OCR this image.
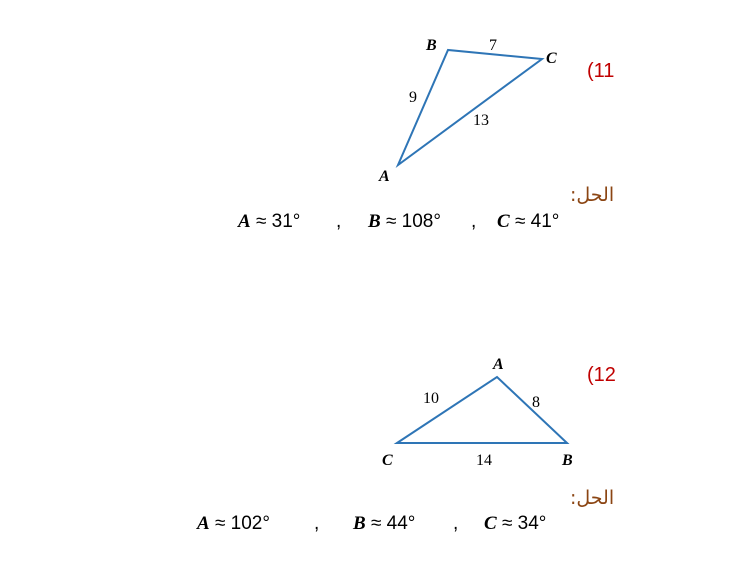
B
C
A
7
9
13
A
C	B
10	8
14
(11
الحل:
A ≈ 31° , B ≈ 108° , C ≈ 41°
(12
الحل:
A ≈ 102° , B ≈ 44° , C ≈ 34°
